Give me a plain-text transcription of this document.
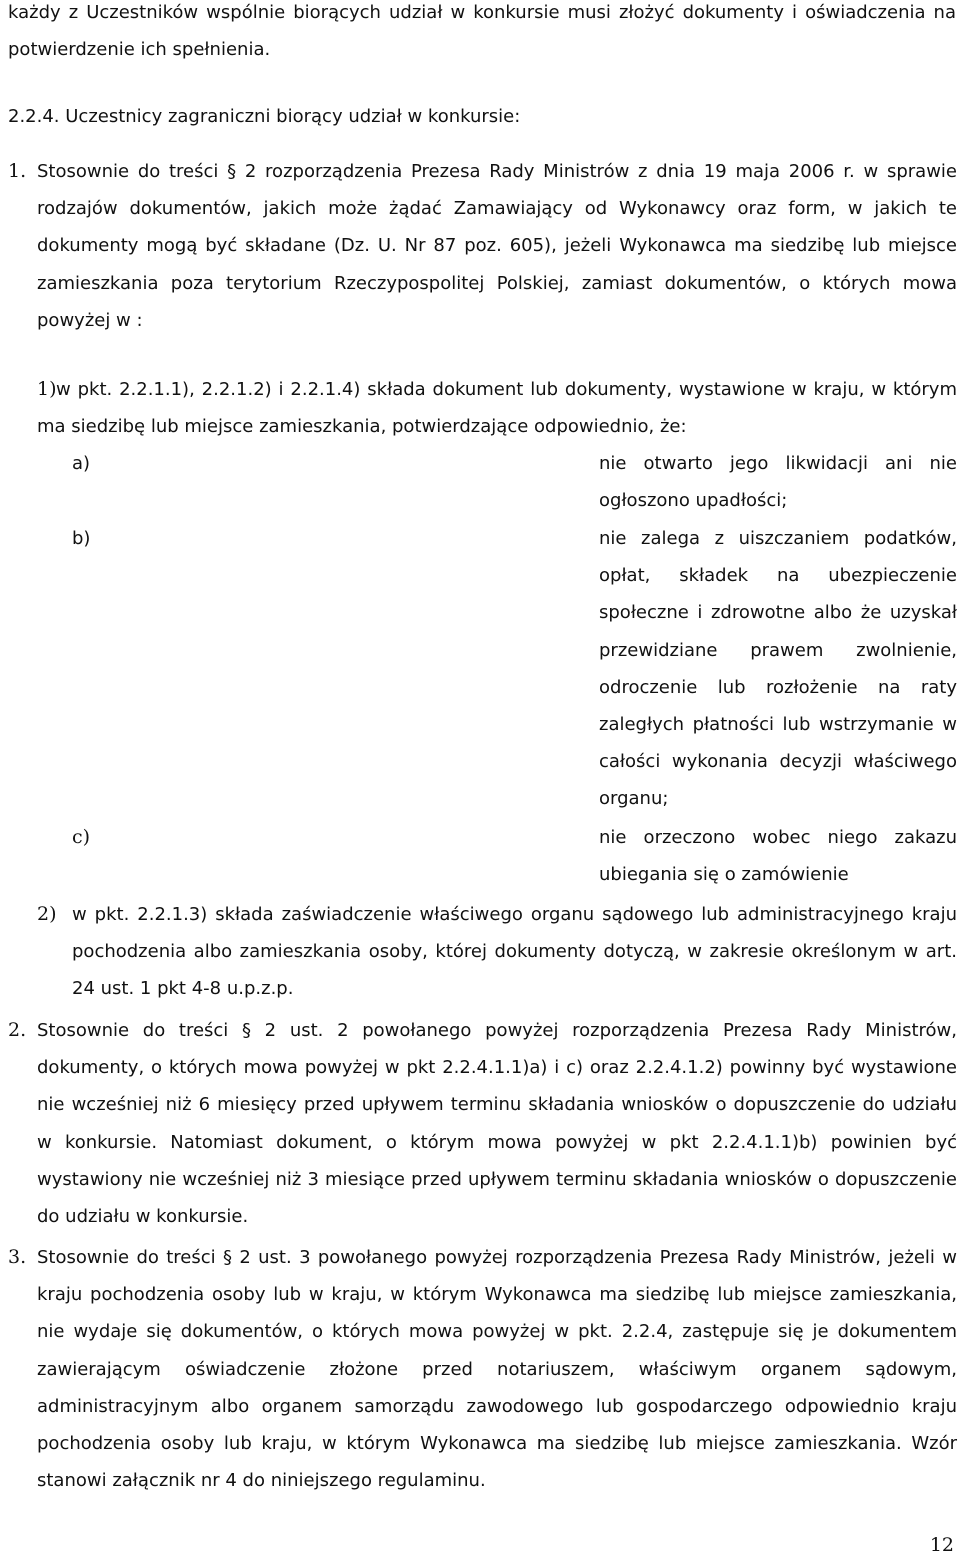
każdy z Uczestników wspólnie biorących udział w konkursie musi złożyć dokumenty i oświadczenia na
potwierdzenie ich spełnienia.
2.2.4. Uczestnicy zagraniczni biorący udział w konkursie:
1. Stosownie do treści § 2 rozporządzenia Prezesa Rady Ministrów z dnia 19 maja 2006 r. w sprawie
rodzajów dokumentów, jakich może żądać Zamawiający od Wykonawcy oraz form, w jakich te
dokumenty mogą być składane (Dz. U. Nr 87 poz. 605), jeżeli Wykonawca ma siedzibę lub miejsce
zamieszkania poza terytorium Rzeczypospolitej Polskiej, zamiast dokumentów, o których mowa
powyżej w :
1) w pkt. 2.2.1.1), 2.2.1.2) i 2.2.1.4) składa dokument lub dokumenty, wystawione w kraju, w którym
ma siedzibę lub miejsce zamieszkania, potwierdzające odpowiednio, że:
a)	nie otwarto jego likwidacji ani nie
ogłoszono upadłości;
b)	nie zalega z uiszczaniem podatków,
opłat, składek na ubezpieczenie
społeczne i zdrowotne albo że uzyskał
przewidziane prawem zwolnienie,
odroczenie lub rozłożenie na raty
zaległych płatności lub wstrzymanie w
całości wykonania decyzji właściwego
organu;
c)	nie orzeczono wobec niego zakazu
ubiegania się o zamówienie
2) w pkt. 2.2.1.3) składa zaświadczenie właściwego organu sądowego lub administracyjnego kraju
pochodzenia albo zamieszkania osoby, której dokumenty dotyczą, w zakresie określonym w art.
24 ust. 1 pkt 4-8 u.p.z.p.
2. Stosownie do treści § 2 ust. 2 powołanego powyżej rozporządzenia Prezesa Rady Ministrów,
dokumenty, o których mowa powyżej w pkt 2.2.4.1.1)a) i c) oraz 2.2.4.1.2) powinny być wystawione
nie wcześniej niż 6 miesięcy przed upływem terminu składania wniosków o dopuszczenie do udziału
w konkursie. Natomiast dokument, o którym mowa powyżej w pkt 2.2.4.1.1)b) powinien być
wystawiony nie wcześniej niż 3 miesiące przed upływem terminu składania wniosków o dopuszczenie
do udziału w konkursie.
3. Stosownie do treści § 2 ust. 3 powołanego powyżej rozporządzenia Prezesa Rady Ministrów, jeżeli w
kraju pochodzenia osoby lub w kraju, w którym Wykonawca ma siedzibę lub miejsce zamieszkania,
nie wydaje się dokumentów, o których mowa powyżej w pkt. 2.2.4, zastępuje się je dokumentem
zawierającym oświadczenie złożone przed notariuszem, właściwym organem sądowym,
administracyjnym albo organem samorządu zawodowego lub gospodarczego odpowiednio kraju
pochodzenia osoby lub kraju, w którym Wykonawca ma siedzibę lub miejsce zamieszkania. Wzór
stanowi załącznik nr 4 do niniejszego regulaminu.
12
